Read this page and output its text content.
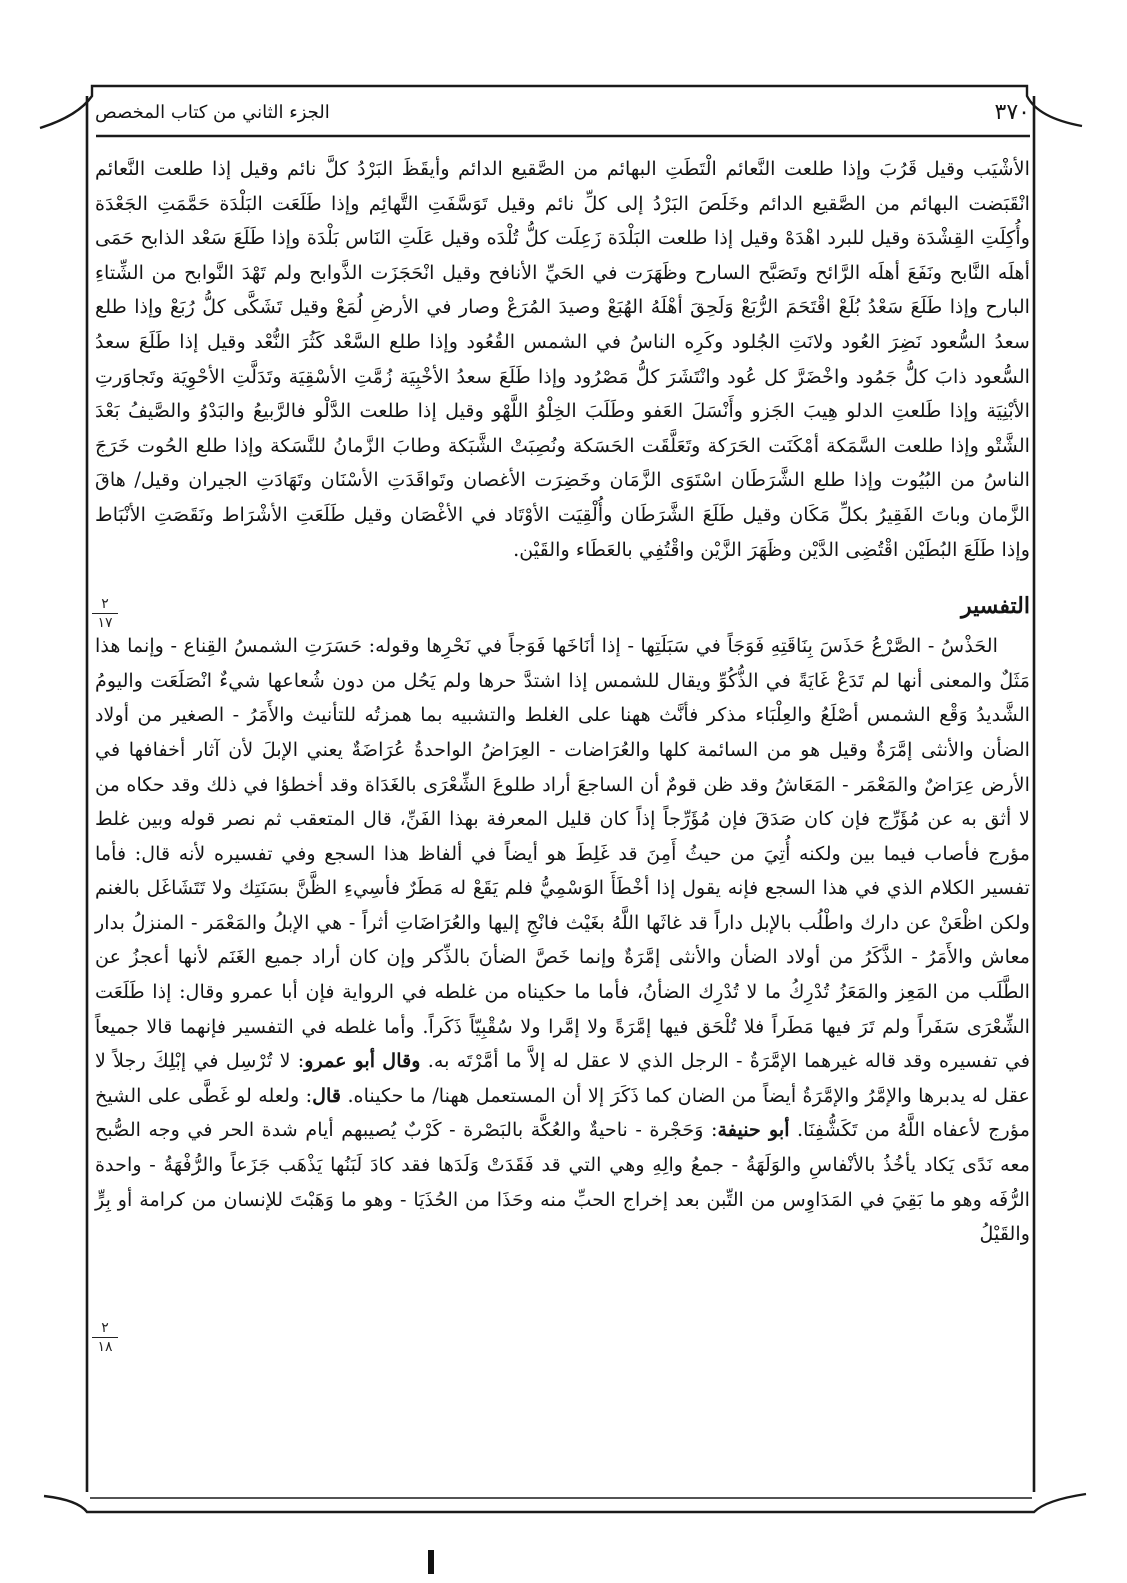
٣٧٠
الجزء الثاني من كتاب المخصص

الأشْيَب وقيل قَرُبَ وإذا طلعت النَّعائم الْتَطَتِ البهائم من الصَّقيع الدائم وأيقَظَ البَرْدُ كلَّ نائم وقيل إذا طلعت النَّعائم انْقَبَضت البهائم من الصَّقيع الدائم وخَلَصَ البَرْدُ إلى كلِّ نائم وقيل تَوَسَّفَتِ التَّهائِم وإذا طَلَعَت البَلْدَة حَمَّمَتِ الجَعْدَة وأُكِلَتِ القِشْدَة وقيل للبرد اهْدَهْ وقيل إذا طلعت البَلْدَة زَعِلَت كلُّ تُلْدَه وقيل عَلَتِ النَاس بَلْدَة وإذا طَلَعَ سَعْد الذابح حَمَى أهلَه النَّابح ونَفَعَ أهلَه الرَّائح وتَصَبَّح السارح وظَهَرَت في الحَيِّ الأنافح وقيل انْحَجَزَت الذَّوابح ولم تَهْدَ النَّوابح من الشِّتاءِ البارح وإذا طَلَعَ سَعْدُ بُلَعْ اقْتَحَمَ الرُّبَعْ وَلَحِقَ أهْلَهُ الهُبَعْ وصيدَ المُرَعْ وصار في الأرضِ لُمَعْ وقيل تَشَكَّى كلُّ رُبَعْ وإذا طلع سعدُ السُّعود نَضِرَ العُود ولانَتِ الجُلود وكَرِه الناسُ في الشمس القُعُود وإذا طلع السَّعْد كَثُرَ النُّعْد وقيل إذا طَلَعَ سعدُ السُّعود ذابَ كلُّ جَمُود واخْضَرَّ كل عُود وانْتَشَرَ كلُّ مَصْرُود وإذا طَلَعَ سعدُ الأخْبِيَة زُمَّتِ الأسْقِيَة وتَدَلَّتِ الأحْوِيَة وتَجاوَرتِ الأبْنِيَة وإذا طَلعتِ الدلو هِيبَ الجَزو وأَنْسَلَ العَفو وطَلَبَ الخِلْوُ اللَّهْو وقيل إذا طلعت الدَّلْو فالرَّبيعُ والبَدْوُ والصَّيفُ بَعْدَ الشَّتْو وإذا طلعت السَّمَكة أمْكَنَت الحَرَكة وتَعَلَّقَت الحَسَكة ونُصِبَتْ الشَّبَكة وطابَ الزَّمانُ للنَّسَكة وإذا طلع الحُوت خَرَجَ الناسُ من البُيُوت وإذا طلع الشَّرَطَان اسْتَوَى الزَّمَان وخَضِرَت الأغصان وتَواقَدَتِ الأسْنَان وتَهَادَتِ الجيران وقيل/ هاقَ الزَّمان وباتَ الفَقِيرُ بكلِّ مَكَان وقيل طَلَعَ الشَّرَطَان وأُلْقِيَت الأوْتَاد في الأغْصَان وقيل طَلَعَتِ الأشْرَاط ونَقَصَتِ الأنْبَاط وإذا طَلَعَ البُطَيْن اقْتُضِى الدَّيْن وظَهَرَ الزَّيْن واقْتُفِي بالعَطَاء والقَيْن.

التفسير

الحَذْسُ - الصَّرْعُ حَذَسَ بِنَاقَتِهِ فَوَجَاً في سَبَلَتِها - إذا أنَاخَها فَوَجاً في نَحْرِها وقوله: حَسَرَتِ الشمسُ القِناع - وإنما هذا مَثَلٌ والمعنى أنها لم تَدَعْ غَايَةً في الذُّكُوِّ ويقال للشمس إذا اشتدَّ حرها ولم يَحُل من دون شُعاعها شيءٌ انْصَلَعَت واليومُ الشَّديدُ وَقْع الشمس أصْلَعُ والعِلْبَاء مذكر فأنَّث ههنا على الغلط والتشبيه بما همزتُه للتأنيث والأَمَرُ - الصغير من أولاد الضأن والأنثى إمَّرَةٌ وقيل هو من السائمة كلها والعُرَاضات - العِرَاضُ الواحدةُ عُرَاضَةٌ يعني الإبلَ لأن آثار أخفافها في الأرض عِرَاضٌ والمَعْمَر - المَعَاشُ وقد ظن قومٌ أن الساجعَ أراد طلوعَ الشِّعْرَى بالغَدَاة وقد أخطؤا في ذلك وقد حكاه من لا أثق به عن مُؤَرِّج فإن كان صَدَقَ فإن مُؤَرِّجاً إذاً كان قليل المعرفة بهذا الفَنِّ، قال المتعقب ثم نصر قوله وبين غلط مؤرج فأصاب فيما بين ولكنه أُتِيَ من حيثُ أَمِنَ قد غَلِطَ هو أيضاً في ألفاظ هذا السجع وفي تفسيره لأنه قال: فأما تفسير الكلام الذي في هذا السجع فإنه يقول إذا أخْطَأَ الوَسْمِيُّ فلم يَقَعْ له مَطَرٌ فأسِيءِ الظَّنَّ بسَنَتِك ولا تَتَشَاغَل بالغنم ولكن اظْعَنْ عن دارك واطْلُب بالإبل داراً قد غاثَها اللَّهُ بغَيْث فانْجِ إليها والعُرَاضَاتِ أثراً - هي الإبلُ والمَعْمَر - المنزلُ بدار معاش والأَمَرُ - الذَّكَرُ من أولاد الضأن والأنثى إمَّرَةٌ وإنما خَصَّ الضأنَ بالذِّكر وإن كان أراد جميع الغَنَم لأنها أعجزُ عن الطَّلَب من المَعِز والمَعَزُ تُدْرِكُ ما لا تُدْرِك الضأنُ، فأما ما حكيناه من غلطه في الرواية فإن أبا عمرو وقال: إذا طَلَعَت الشِّعْرَى سَفَراً ولم تَرَ فيها مَطَراً فلا تُلْحَق فيها إمَّرَةً ولا إمَّرا ولا سُقْبِيّاً ذَكَراً. وأما غلطه في التفسير فإنهما قالا جميعاً في تفسيره وقد قاله غيرهما الإمَّرَةُ - الرجل الذي لا عقل له إلاَّ ما أمَّرْتَه به. وقال أبو عمرو: لا تُرْسِل في إبْلِكَ رجلاً لا عقل له يدبرها والإمَّرُ والإمَّرَةُ أيضاً من الضان كما ذَكَرَ إلا أن المستعمل ههنا/ ما حكيناه. قال: ولعله لو غَطَّى على الشيخ مؤرج لأعفاه اللَّهُ من تَكَشُّفِنَا. أبو حنيفة: وَحَجْرة - ناحيةٌ والعُكَّة بالبَصْرة - كَرْبٌ يُصيبهم أيام شدة الحر في وجه الصُّبح معه نَدًى يَكاد يأخُذُ بالأنْفاسِ والوَلَهَةُ - جمعُ والِهِ وهي التي قد فَقَدَتْ وَلَدَها فقد كادَ لَبَنُها يَذْهَب جَزَعاً والرُّفْهَةُ - واحدة الرُّفَه وهو ما بَقِيَ في المَدَاوِس من التِّبن بعد إخراج الحبِّ منه وحَذَا من الحُذَيَا - وهو ما وَهَبْتَ للإنسان من كرامة أو بِرٍّ والقَيْلُ

٢
١٧
٢
١٨
